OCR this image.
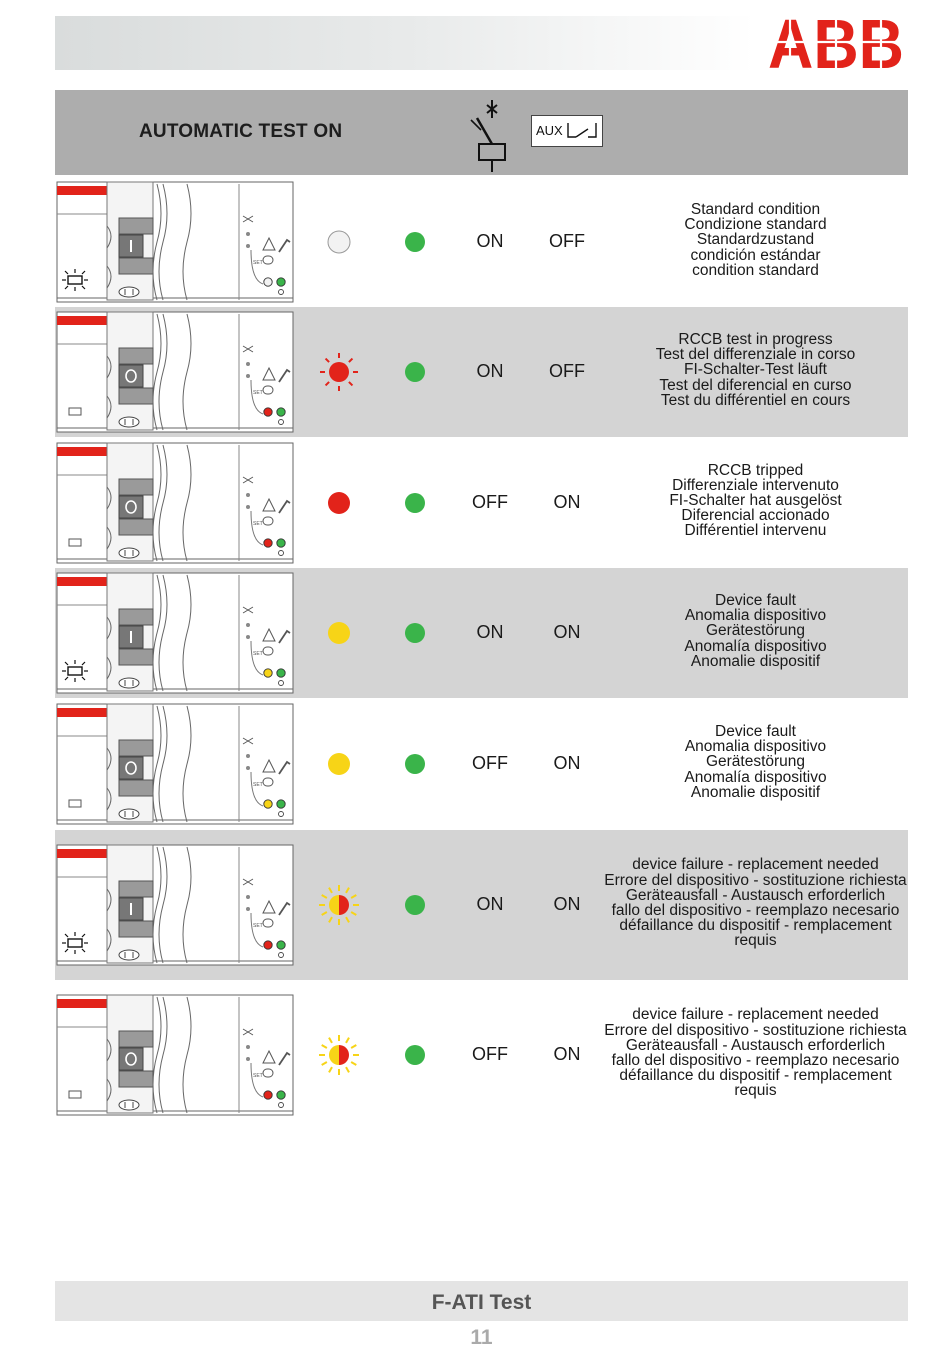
ABB
AUTOMATIC TEST ON	AUX
SET
ON	OFF
Standard condition
Condizione standard
Standardzustand
condición estándar
condition standard
SET
ON	OFF
RCCB test in progress
Test del differenziale in corso
FI-Schalter-Test läuft
Test del diferencial en curso
Test du différentiel en cours
SET
OFF	ON
RCCB tripped
Differenziale intervenuto
FI-Schalter hat ausgelöst
Diferencial accionado
Différentiel intervenu
SET
ON	ON
Device fault
Anomalia dispositivo
Gerätestörung
Anomalía dispositivo
Anomalie dispositif
SET
OFF	ON
Device fault
Anomalia dispositivo
Gerätestörung
Anomalía dispositivo
Anomalie dispositif
SET
ON	ON
device failure - replacement needed
Errore del dispositivo - sostituzione richiesta
Geräteausfall - Austausch erforderlich
fallo del dispositivo - reemplazo necesario
défaillance du dispositif - remplacement
requis
SET
OFF	ON
device failure - replacement needed
Errore del dispositivo - sostituzione richiesta
Geräteausfall - Austausch erforderlich
fallo del dispositivo - reemplazo necesario
défaillance du dispositif - remplacement
requis
F-ATI Test
11
